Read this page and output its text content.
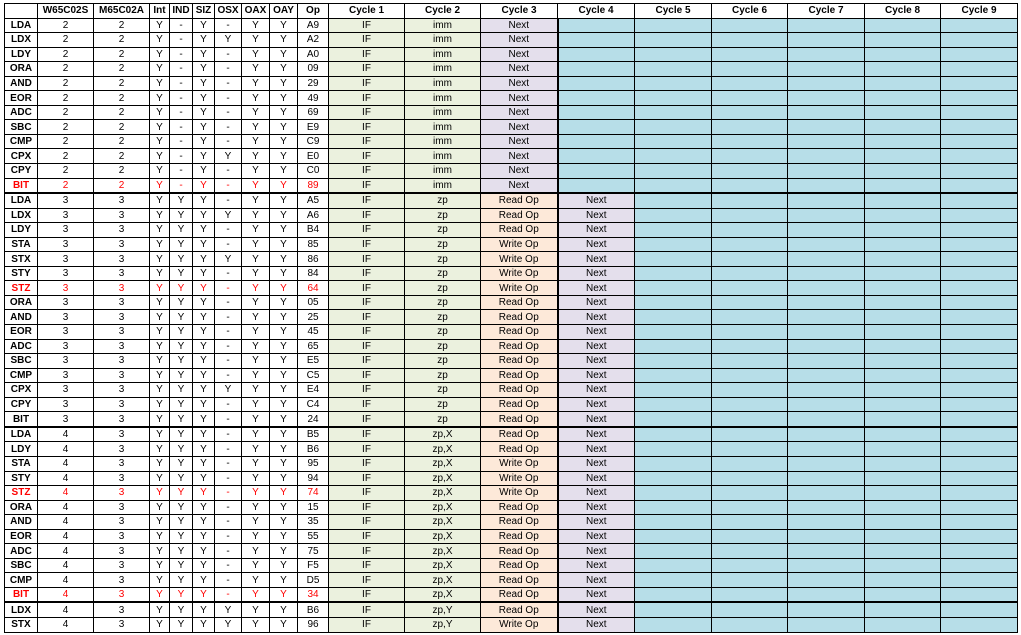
	W65C02S	M65C02A	Int	IND	SIZ	OSX	OAX	OAY	Op	Cycle 1	Cycle 2	Cycle 3	Cycle 4	Cycle 5	Cycle 6	Cycle 7	Cycle 8	Cycle 9
LDA	2	2	Y	-	Y	-	Y	Y	A9	IF	imm	Next						
LDX	2	2	Y	-	Y	Y	Y	Y	A2	IF	imm	Next						
LDY	2	2	Y	-	Y	-	Y	Y	A0	IF	imm	Next						
ORA	2	2	Y	-	Y	-	Y	Y	09	IF	imm	Next						
AND	2	2	Y	-	Y	-	Y	Y	29	IF	imm	Next						
EOR	2	2	Y	-	Y	-	Y	Y	49	IF	imm	Next						
ADC	2	2	Y	-	Y	-	Y	Y	69	IF	imm	Next						
SBC	2	2	Y	-	Y	-	Y	Y	E9	IF	imm	Next						
CMP	2	2	Y	-	Y	-	Y	Y	C9	IF	imm	Next						
CPX	2	2	Y	-	Y	Y	Y	Y	E0	IF	imm	Next						
CPY	2	2	Y	-	Y	-	Y	Y	C0	IF	imm	Next						
BIT	2	2	Y	-	Y	-	Y	Y	89	IF	imm	Next						
LDA	3	3	Y	Y	Y	-	Y	Y	A5	IF	zp	Read Op	Next					
LDX	3	3	Y	Y	Y	Y	Y	Y	A6	IF	zp	Read Op	Next					
LDY	3	3	Y	Y	Y	-	Y	Y	B4	IF	zp	Read Op	Next					
STA	3	3	Y	Y	Y	-	Y	Y	85	IF	zp	Write Op	Next					
STX	3	3	Y	Y	Y	Y	Y	Y	86	IF	zp	Write Op	Next					
STY	3	3	Y	Y	Y	-	Y	Y	84	IF	zp	Write Op	Next					
STZ	3	3	Y	Y	Y	-	Y	Y	64	IF	zp	Write Op	Next					
ORA	3	3	Y	Y	Y	-	Y	Y	05	IF	zp	Read Op	Next					
AND	3	3	Y	Y	Y	-	Y	Y	25	IF	zp	Read Op	Next					
EOR	3	3	Y	Y	Y	-	Y	Y	45	IF	zp	Read Op	Next					
ADC	3	3	Y	Y	Y	-	Y	Y	65	IF	zp	Read Op	Next					
SBC	3	3	Y	Y	Y	-	Y	Y	E5	IF	zp	Read Op	Next					
CMP	3	3	Y	Y	Y	-	Y	Y	C5	IF	zp	Read Op	Next					
CPX	3	3	Y	Y	Y	Y	Y	Y	E4	IF	zp	Read Op	Next					
CPY	3	3	Y	Y	Y	-	Y	Y	C4	IF	zp	Read Op	Next					
BIT	3	3	Y	Y	Y	-	Y	Y	24	IF	zp	Read Op	Next					
LDA	4	3	Y	Y	Y	-	Y	Y	B5	IF	zp,X	Read Op	Next					
LDY	4	3	Y	Y	Y	-	Y	Y	B6	IF	zp,X	Read Op	Next					
STA	4	3	Y	Y	Y	-	Y	Y	95	IF	zp,X	Write Op	Next					
STY	4	3	Y	Y	Y	-	Y	Y	94	IF	zp,X	Write Op	Next					
STZ	4	3	Y	Y	Y	-	Y	Y	74	IF	zp,X	Write Op	Next					
ORA	4	3	Y	Y	Y	-	Y	Y	15	IF	zp,X	Read Op	Next					
AND	4	3	Y	Y	Y	-	Y	Y	35	IF	zp,X	Read Op	Next					
EOR	4	3	Y	Y	Y	-	Y	Y	55	IF	zp,X	Read Op	Next					
ADC	4	3	Y	Y	Y	-	Y	Y	75	IF	zp,X	Read Op	Next					
SBC	4	3	Y	Y	Y	-	Y	Y	F5	IF	zp,X	Read Op	Next					
CMP	4	3	Y	Y	Y	-	Y	Y	D5	IF	zp,X	Read Op	Next					
BIT	4	3	Y	Y	Y	-	Y	Y	34	IF	zp,X	Read Op	Next					
LDX	4	3	Y	Y	Y	Y	Y	Y	B6	IF	zp,Y	Read Op	Next					
STX	4	3	Y	Y	Y	Y	Y	Y	96	IF	zp,Y	Write Op	Next					
